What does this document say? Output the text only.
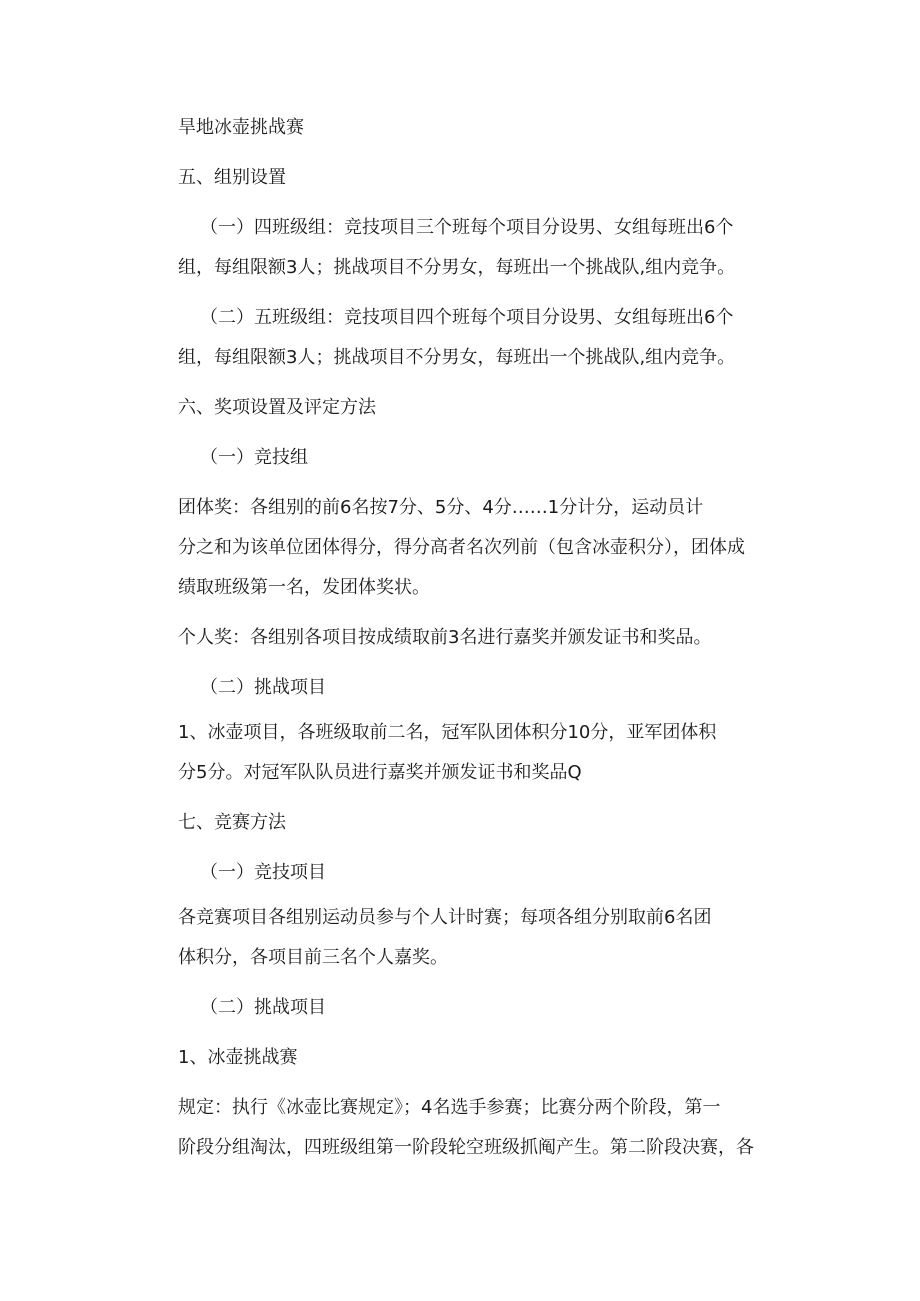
旱地冰壶挑战赛

五、组别设置

（一）四班级组：竞技项目三个班每个项目分设男、女组每班出6个

组，每组限额3人；挑战项目不分男女，每班出一个挑战队,组内竞争。

（二）五班级组：竞技项目四个班每个项目分设男、女组每班出6个

组，每组限额3人；挑战项目不分男女，每班出一个挑战队,组内竞争。

六、奖项设置及评定方法

（一）竞技组

团体奖：各组别的前6名按7分、5分、4分……1分计分，运动员计

分之和为该单位团体得分，得分高者名次列前（包含冰壶积分），团体成

绩取班级第一名，发团体奖状。

个人奖：各组别各项目按成绩取前3名进行嘉奖并颁发证书和奖品。

（二）挑战项目

1、冰壶项目，各班级取前二名，冠军队团体积分10分，亚军团体积

分5分。对冠军队队员进行嘉奖并颁发证书和奖品Q

七、竞赛方法

（一）竞技项目

各竞赛项目各组别运动员参与个人计时赛；每项各组分别取前6名团

体积分，各项目前三名个人嘉奖。

（二）挑战项目

1、冰壶挑战赛

规定：执行《冰壶比赛规定》；4名选手参赛；比赛分两个阶段，第一

阶段分组淘汰，四班级组第一阶段轮空班级抓阄产生。第二阶段决赛，各
